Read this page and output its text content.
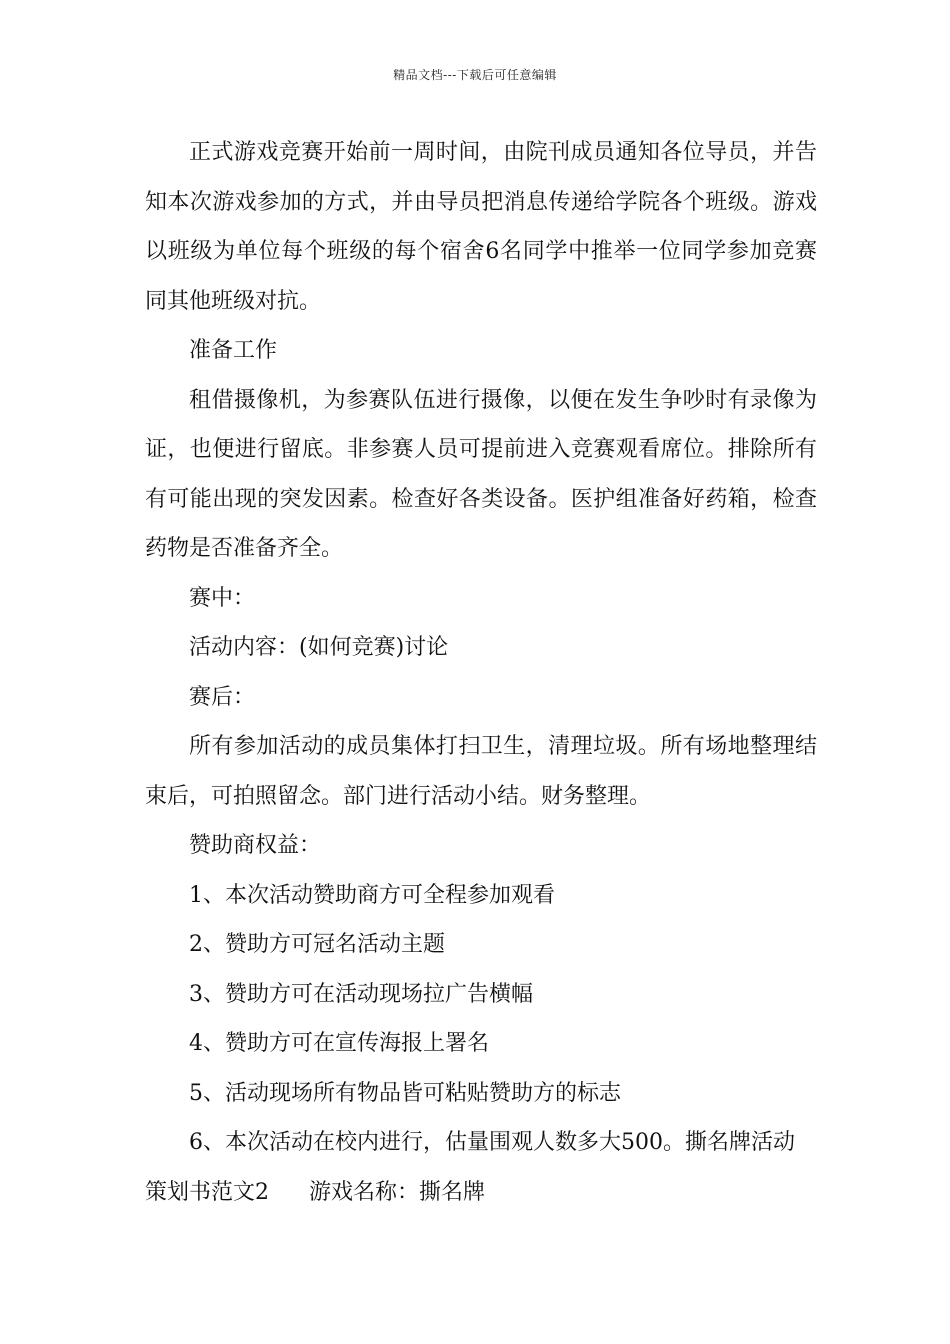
精品文档---下载后可任意编辑

正式游戏竞赛开始前一周时间，由院刊成员通知各位导员，并告知本次游戏参加的方式，并由导员把消息传递给学院各个班级。游戏以班级为单位每个班级的每个宿舍6名同学中推举一位同学参加竞赛同其他班级对抗。

准备工作

租借摄像机，为参赛队伍进行摄像，以便在发生争吵时有录像为证，也便进行留底。非参赛人员可提前进入竞赛观看席位。排除所有有可能出现的突发因素。检查好各类设备。医护组准备好药箱，检查药物是否准备齐全。

赛中：

活动内容：(如何竞赛)讨论

赛后：

所有参加活动的成员集体打扫卫生，清理垃圾。所有场地整理结束后，可拍照留念。部门进行活动小结。财务整理。

赞助商权益：

1、本次活动赞助商方可全程参加观看

2、赞助方可冠名活动主题

3、赞助方可在活动现场拉广告横幅

4、赞助方可在宣传海报上署名

5、活动现场所有物品皆可粘贴赞助方的标志

6、本次活动在校内进行，估量围观人数多大500。撕名牌活动

策划书范文2 游戏名称：撕名牌
